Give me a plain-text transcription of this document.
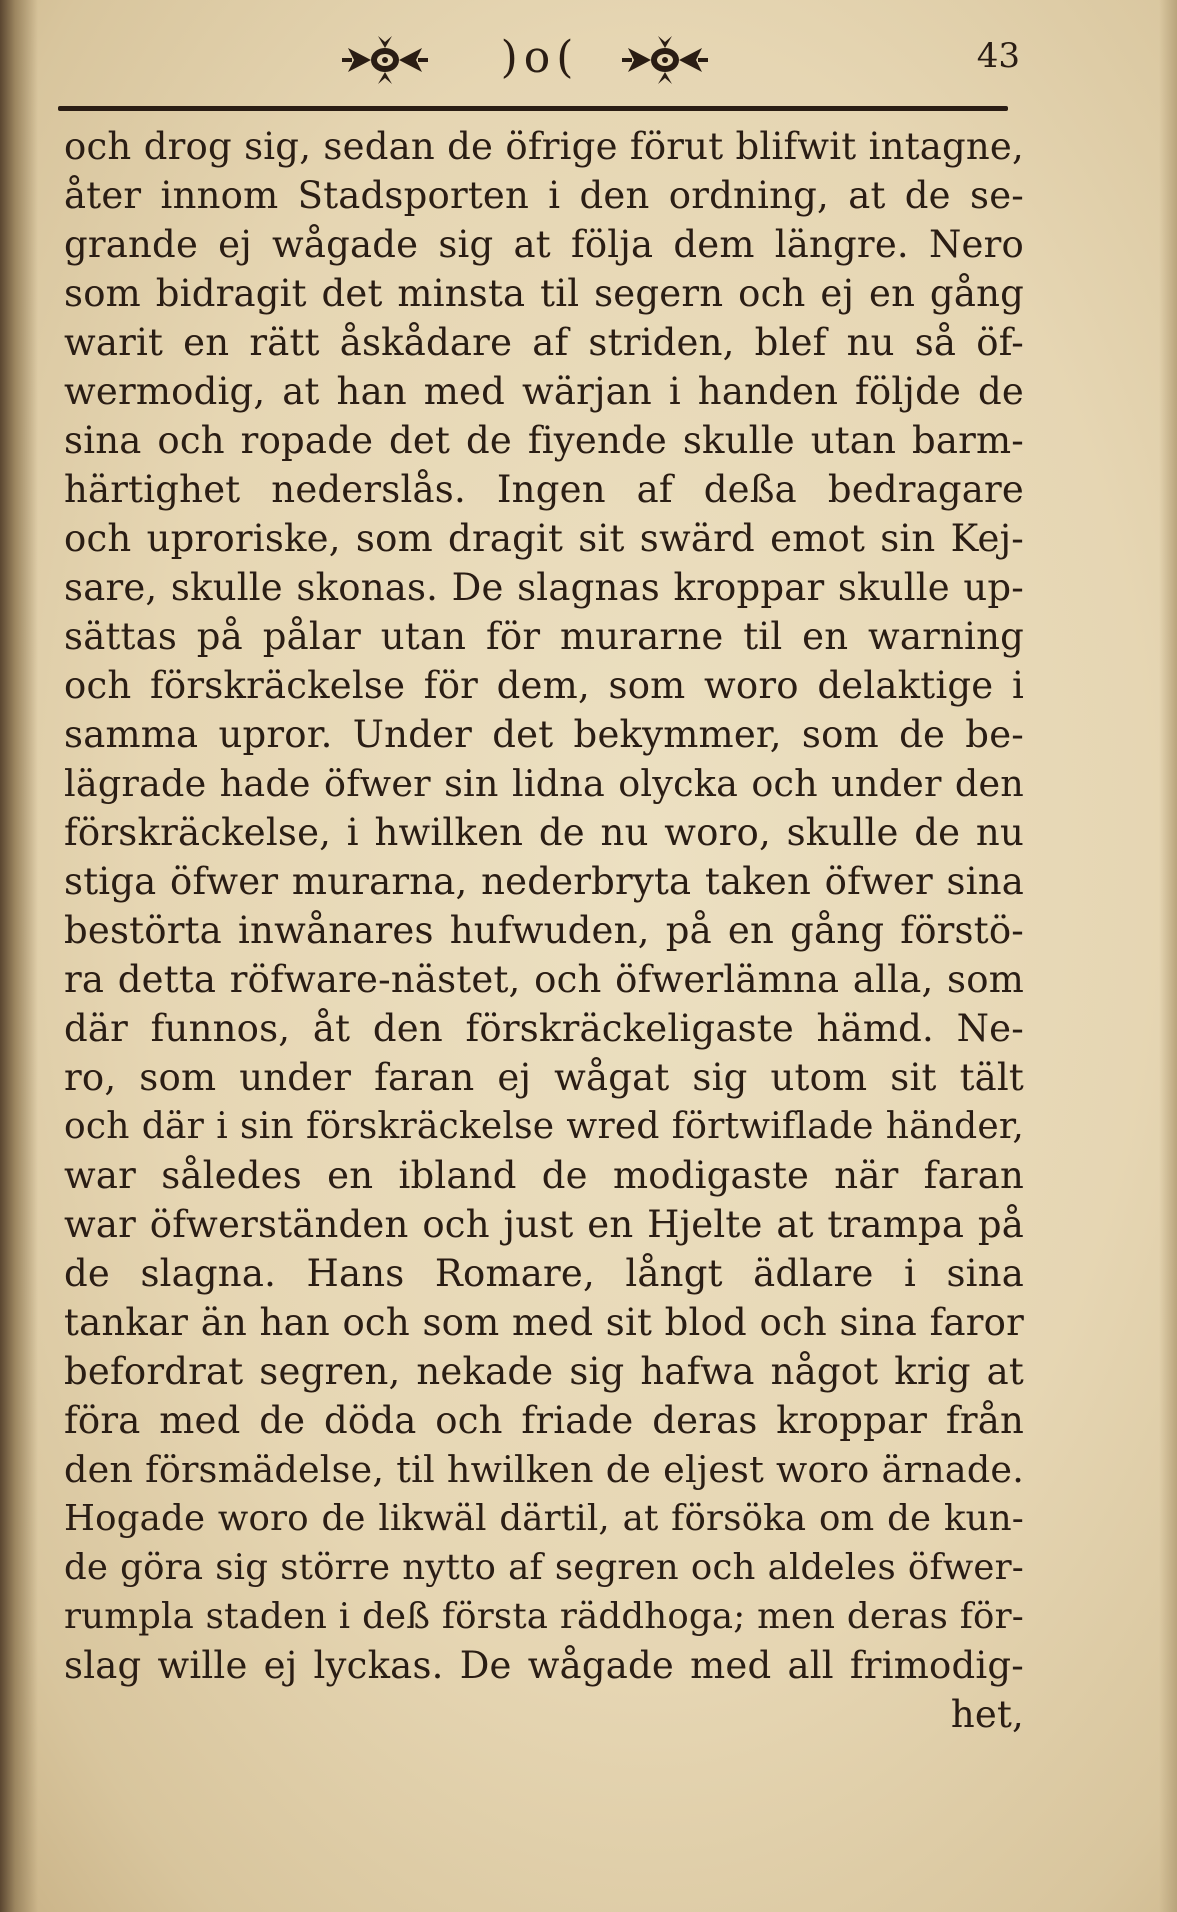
)o(	43
och drog sig, sedan de öfrige förut blifwit intagne,
åter innom Stadsporten i den ordning, at de se-
grande ej wågade sig at följa dem längre. Nero
som bidragit det minsta til segern och ej en gång
warit en rätt åskådare af striden, blef nu så öf-
wermodig, at han med wärjan i handen följde de
sina och ropade det de fiyende skulle utan barm-
härtighet nederslås. Ingen af deßa bedragare
och uproriske, som dragit sit swärd emot sin Kej-
sare, skulle skonas. De slagnas kroppar skulle up-
sättas på pålar utan för murarne til en warning
och förskräckelse för dem, som woro delaktige i
samma upror. Under det bekymmer, som de be-
lägrade hade öfwer sin lidna olycka och under den
förskräckelse, i hwilken de nu woro, skulle de nu
stiga öfwer murarna, nederbryta taken öfwer sina
bestörta inwånares hufwuden, på en gång förstö-
ra detta röfware-nästet, och öfwerlämna alla, som
där funnos, åt den förskräckeligaste hämd. Ne-
ro, som under faran ej wågat sig utom sit tält
och där i sin förskräckelse wred förtwiflade händer,
war således en ibland de modigaste när faran
war öfwerständen och just en Hjelte at trampa på
de slagna. Hans Romare, långt ädlare i sina
tankar än han och som med sit blod och sina faror
befordrat segren, nekade sig hafwa något krig at
föra med de döda och friade deras kroppar från
den försmädelse, til hwilken de eljest woro ärnade.
Hogade woro de likwäl därtil, at försöka om de kun-
de göra sig större nytto af segren och aldeles öfwer-
rumpla staden i deß första räddhoga; men deras för-
slag wille ej lyckas. De wågade med all frimodig-
het,
